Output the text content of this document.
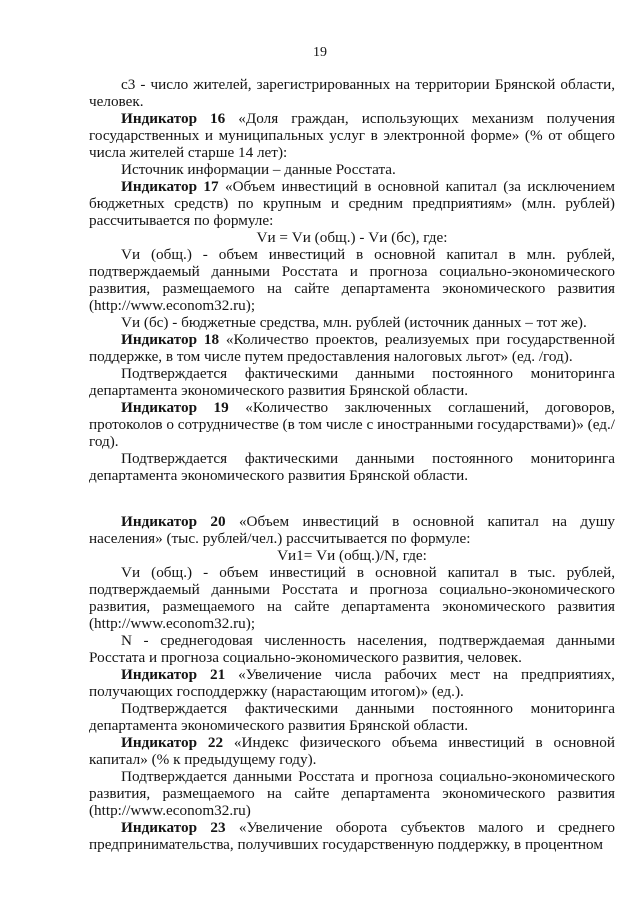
19

с3 - число жителей, зарегистрированных на территории Брянской области, человек.

Индикатор 16 «Доля граждан, использующих механизм получения государственных и муниципальных услуг в электронной форме» (% от общего числа жителей старше 14 лет):

Источник информации – данные Росстата.

Индикатор 17 «Объем инвестиций в основной капитал (за исключением бюджетных средств) по крупным и средним предприятиям» (млн. рублей) рассчитывается по формуле:

Vи = Vи (общ.) - Vи (бс), где:

Vи (общ.) - объем инвестиций в основной капитал в млн. рублей, подтверждаемый данными Росстата и прогноза социально-экономического развития, размещаемого на сайте департамента экономического развития (http://www.econom32.ru);

Vи (бс) - бюджетные средства, млн. рублей (источник данных – тот же).

Индикатор 18 «Количество проектов, реализуемых при государственной поддержке, в том числе путем предоставления налоговых льгот» (ед. /год).

Подтверждается фактическими данными постоянного мониторинга департамента экономического развития Брянской области.

Индикатор 19 «Количество заключенных соглашений, договоров, протоколов о сотрудничестве (в том числе с иностранными государствами)» (ед./год).

Подтверждается фактическими данными постоянного мониторинга департамента экономического развития Брянской области.

Индикатор 20 «Объем инвестиций в основной капитал на душу населения» (тыс. рублей/чел.) рассчитывается по формуле:

Vи1= Vи (общ.)/N, где:

Vи (общ.) - объем инвестиций в основной капитал в тыс. рублей, подтверждаемый данными Росстата и прогноза социально-экономического развития, размещаемого на сайте департамента экономического развития (http://www.econom32.ru);

N - среднегодовая численность населения, подтверждаемая данными Росстата и прогноза социально-экономического развития, человек.

Индикатор 21 «Увеличение числа рабочих мест на предприятиях, получающих господдержку (нарастающим итогом)» (ед.).

Подтверждается фактическими данными постоянного мониторинга департамента экономического развития Брянской области.

Индикатор 22 «Индекс физического объема инвестиций в основной капитал» (% к предыдущему году).

Подтверждается данными Росстата и прогноза социально-экономического развития, размещаемого на сайте департамента экономического развития (http://www.econom32.ru)

Индикатор 23 «Увеличение оборота субъектов малого и среднего предпринимательства, получивших государственную поддержку, в процентном
